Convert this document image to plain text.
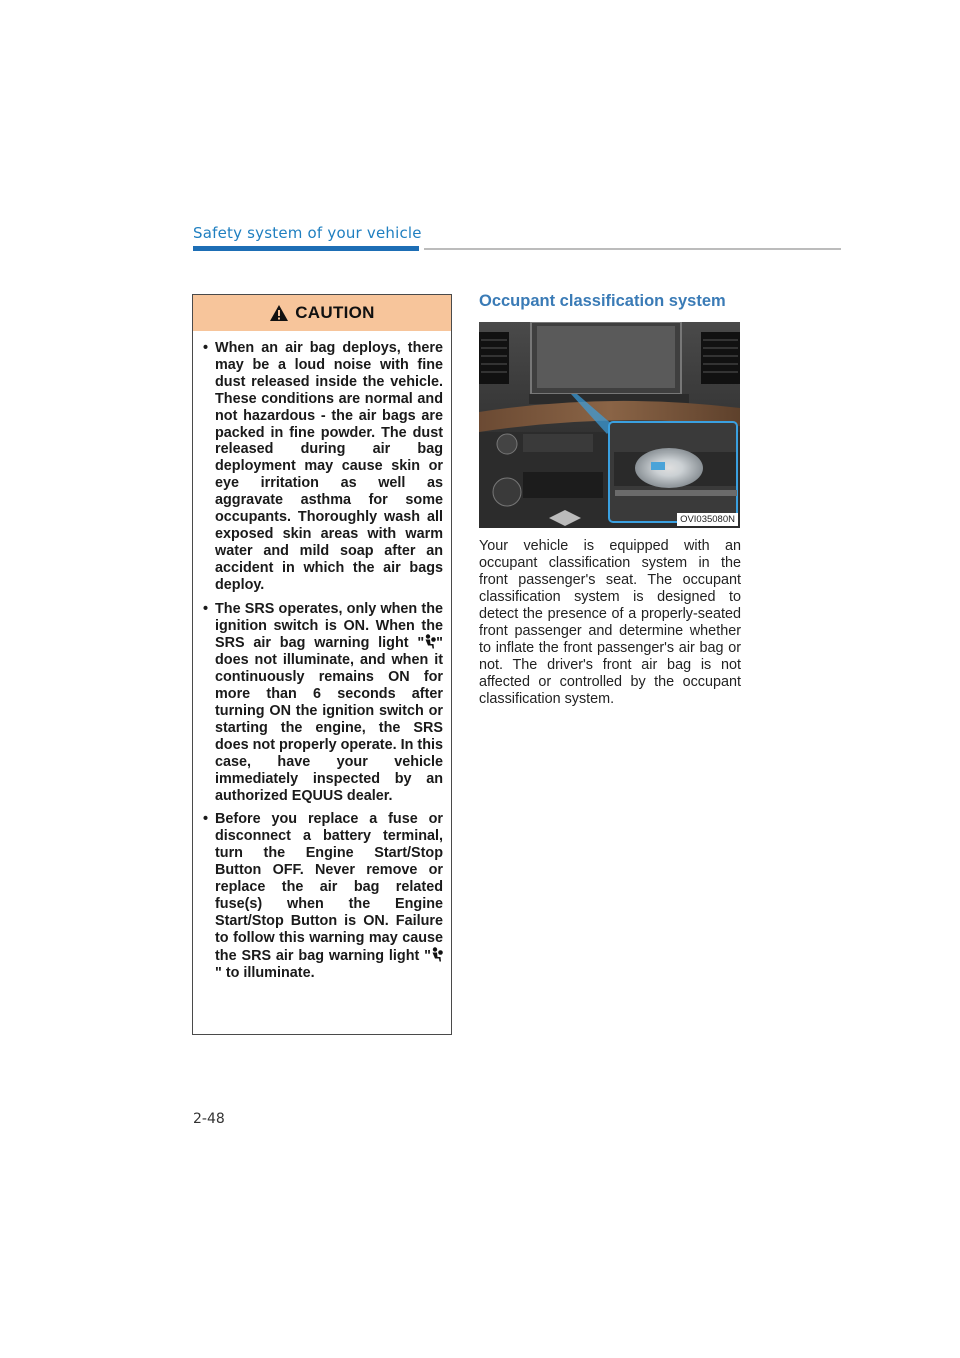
Safety system of your vehicle
CAUTION
• When an air bag deploys, there may be a loud noise with fine dust released inside the vehicle. These conditions are normal and not hazardous - the air bags are packed in fine powder. The dust released during air bag deployment may cause skin or eye irritation as well as aggravate asthma for some occupants. Thoroughly wash all exposed skin areas with warm water and mild soap after an accident in which the air bags deploy.
• The SRS operates, only when the ignition switch is ON. When the SRS air bag warning light " " does not illuminate, and when it continuously remains ON for more than 6 seconds after turning ON the ignition switch or starting the engine, the SRS does not properly operate. In this case, have your vehicle immediately inspected by an authorized EQUUS dealer.
• Before you replace a fuse or disconnect a battery terminal, turn the Engine Start/Stop Button OFF. Never remove or replace the air bag related fuse(s) when the Engine Start/Stop Button is ON. Failure to follow this warning may cause the SRS air bag warning light "" to illuminate.
Occupant classification system
OVI035080N
Your vehicle is equipped with an occupant classification system in the front passenger's seat. The occupant classification system is designed to detect the presence of a properly-seated front passenger and determine whether to inflate the front passenger's air bag or not. The driver's front air bag is not affected or controlled by the occupant classification system.
2-48
